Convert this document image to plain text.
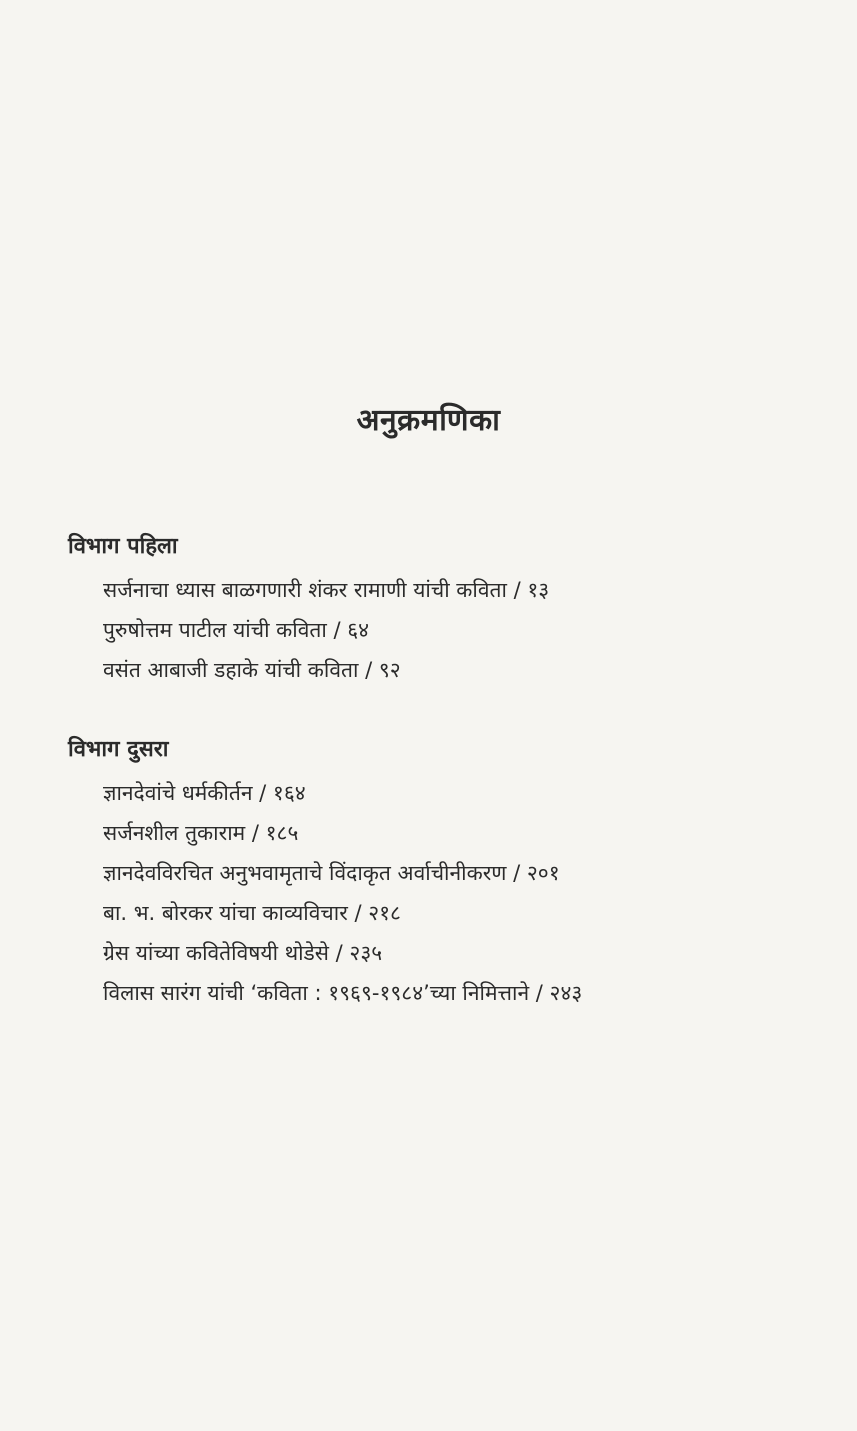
अनुक्रमणिका
विभाग पहिला
सर्जनाचा ध्यास बाळगणारी शंकर रामाणी यांची कविता / १३
पुरुषोत्तम पाटील यांची कविता / ६४
वसंत आबाजी डहाके यांची कविता / ९२
विभाग दुसरा
ज्ञानदेवांचे धर्मकीर्तन / १६४
सर्जनशील तुकाराम / १८५
ज्ञानदेवविरचित अनुभवामृताचे विंदाकृत अर्वाचीनीकरण / २०१
बा. भ. बोरकर यांचा काव्यविचार / २१८
ग्रेस यांच्या कवितेविषयी थोडेसे / २३५
विलास सारंग यांची ‘कविता : १९६९-१९८४’च्या निमित्ताने / २४३
